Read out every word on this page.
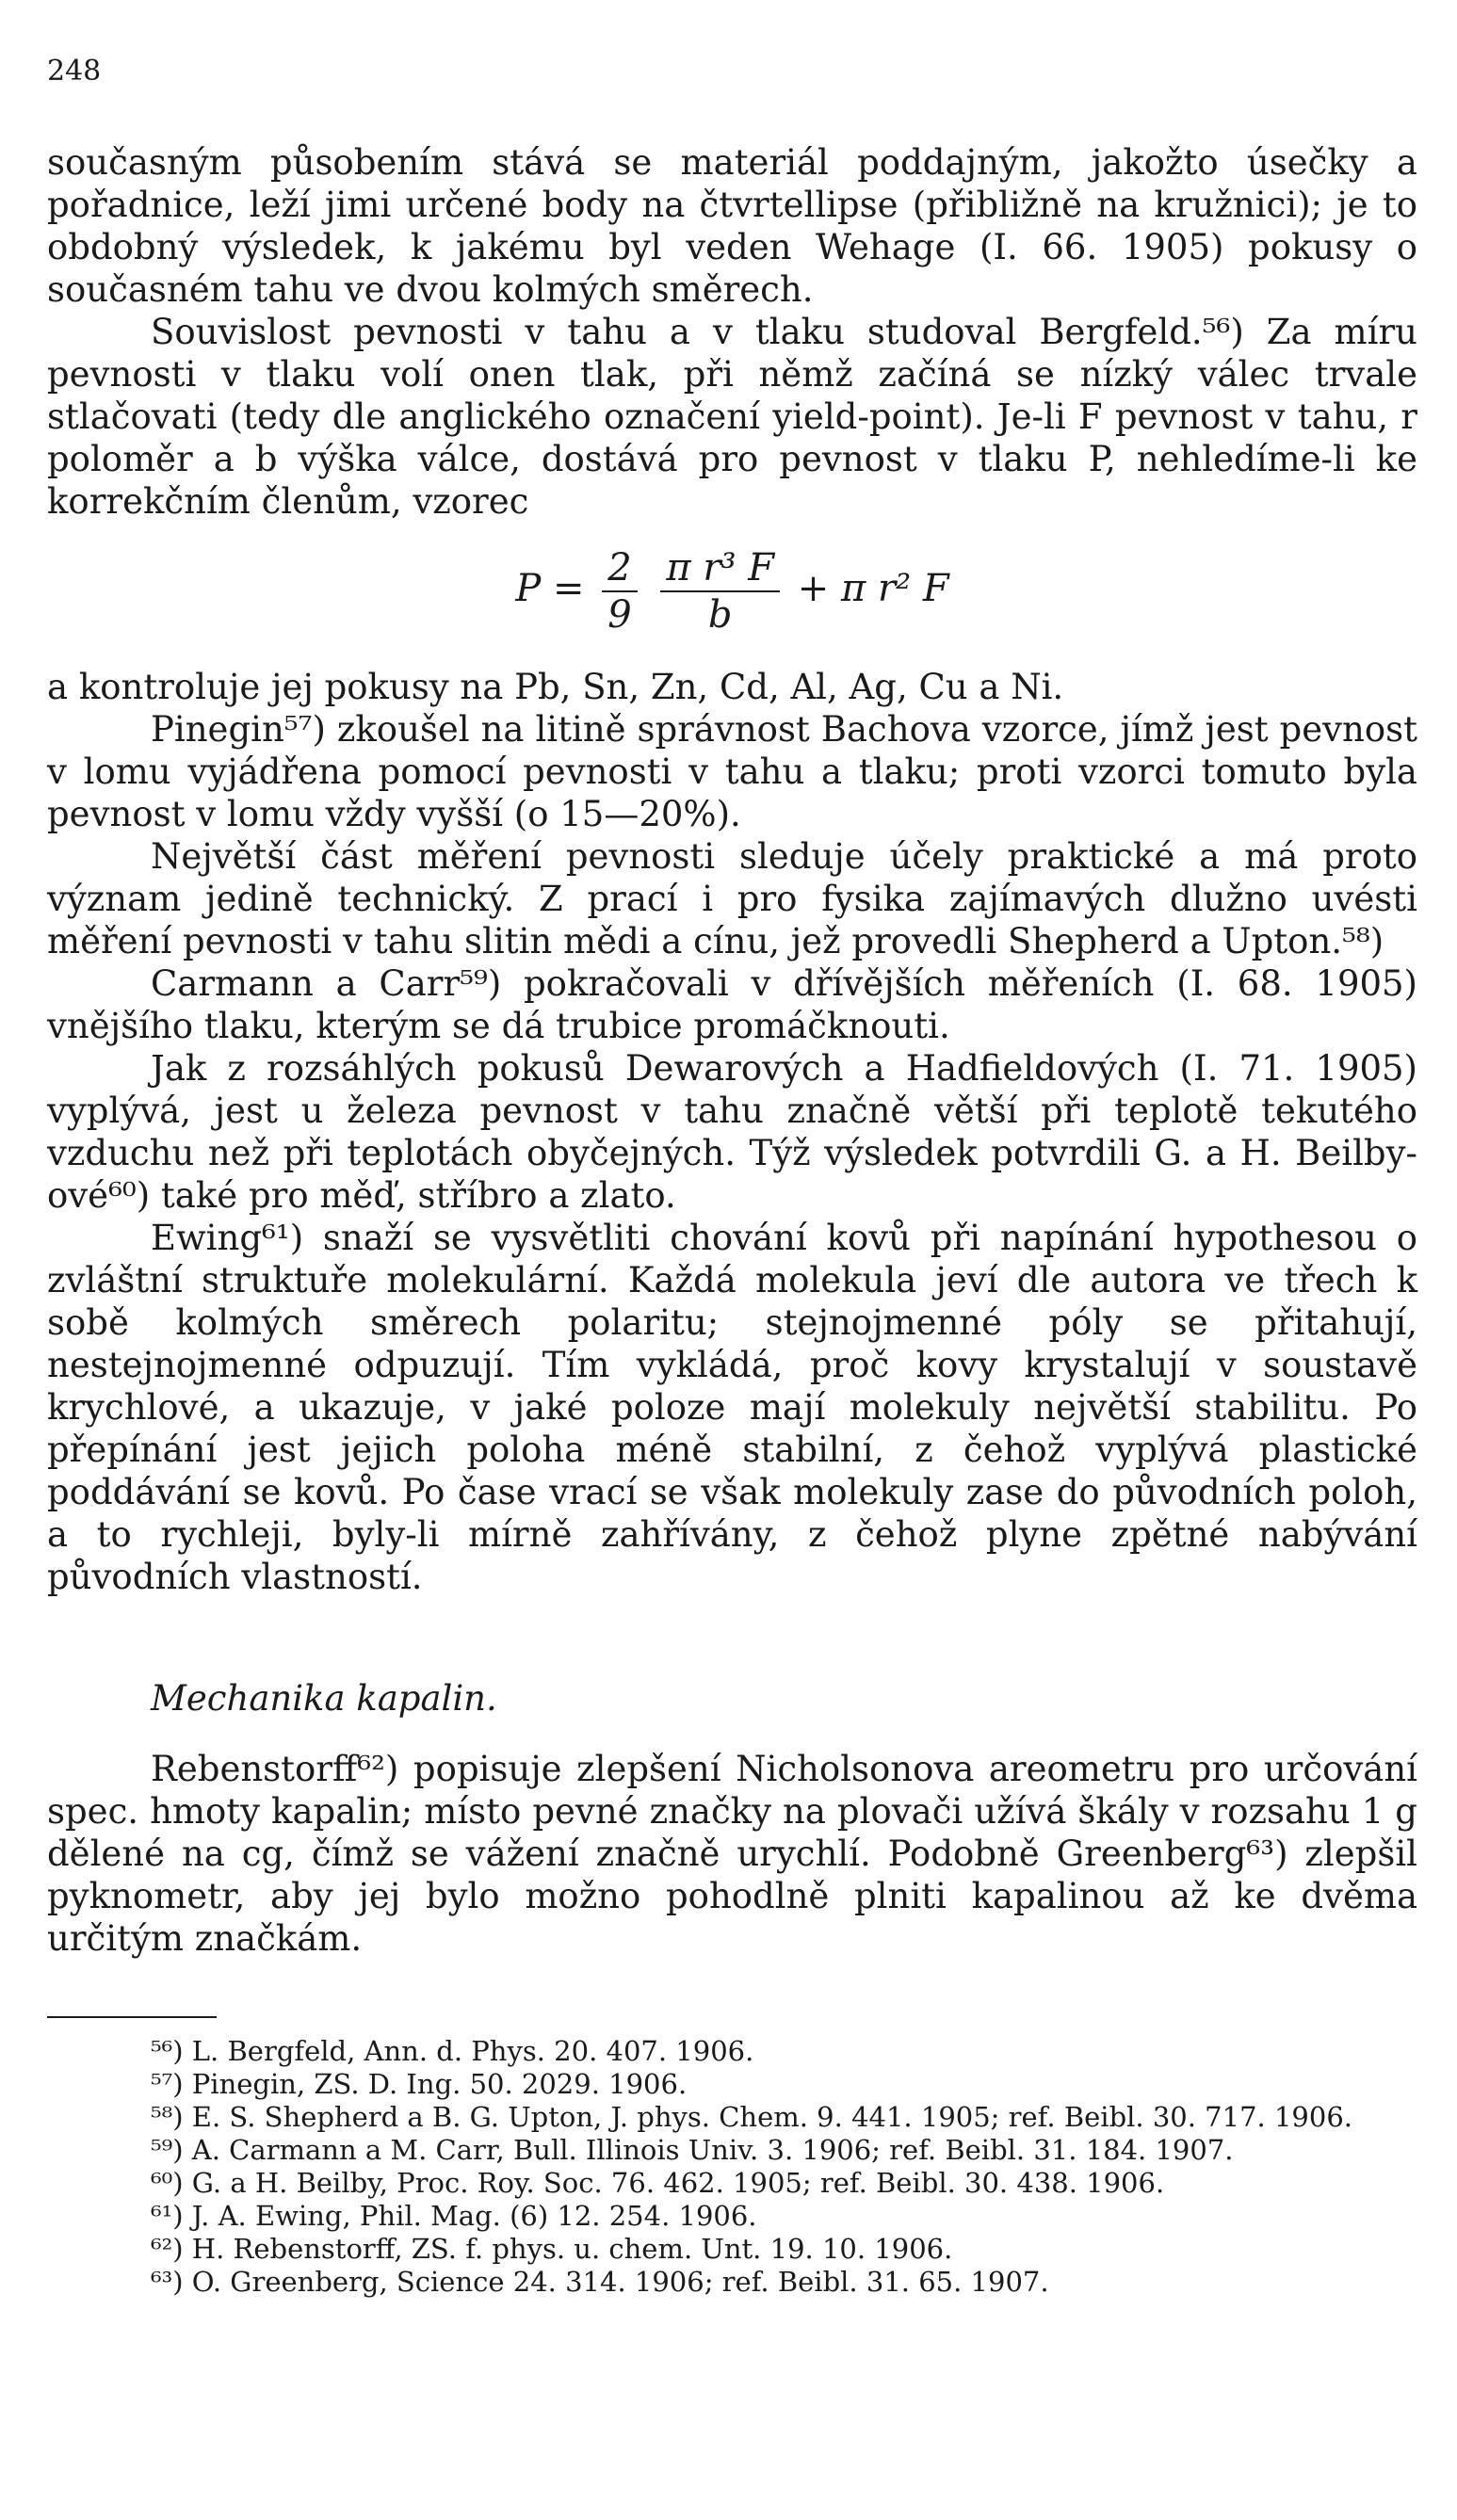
248

současným působením stává se materiál poddajným, jakožto úsečky a pořadnice, leží jimi určené body na čtvrtellipse (přibližně na kružnici); je to obdobný výsledek, k jakému byl veden Wehage (I. 66. 1905) pokusy o současném tahu ve dvou kolmých směrech.

Souvislost pevnosti v tahu a v tlaku studoval Bergfeld.⁵⁶) Za míru pevnosti v tlaku volí onen tlak, při němž začíná se nízký válec trvale stlačovati (tedy dle anglického označení yield-point). Je-li F pevnost v tahu, r poloměr a b výška válce, dostává pro pevnost v tlaku P, nehledíme-li ke korrekčním členům, vzorec

$P = \frac{2}{9}$
$\frac{\text{π r³ F}}{b} + \pi$ r² F

a kontroluje jej pokusy na Pb, Sn, Zn, Cd, Al, Ag, Cu a Ni.

Pinegin⁵⁷) zkoušel na litině správnost Bachova vzorce, jímž jest pevnost v lomu vyjádřena pomocí pevnosti v tahu a tlaku; proti vzorci tomuto byla pevnost v lomu vždy vyšší (o 15—20%).

Největší část měření pevnosti sleduje účely praktické a má proto význam jedině technický. Z prací i pro fysika zajímavých dlužno uvésti měření pevnosti v tahu slitin mědi a cínu, jež provedli Shepherd a Upton.⁵⁸)

Carmann a Carr⁵⁹) pokračovali v dřívějších měřeních (I. 68. 1905) vnějšího tlaku, kterým se dá trubice promáčknouti.

Jak z rozsáhlých pokusů Dewarových a Hadfieldových (I. 71. 1905) vyplývá, jest u železa pevnost v tahu značně větší při teplotě tekutého vzduchu než při teplotách obyčejných. Týž výsledek potvrdili G. a H. Beilby-ové⁶⁰) také pro měď, stříbro a zlato.

Ewing⁶¹) snaží se vysvětliti chování kovů při napínání hypothesou o zvláštní struktuře molekulární. Každá molekula jeví dle autora ve třech k sobě kolmých směrech polaritu; stejnojmenné póly se přitahují, nestejnojmenné odpuzují. Tím vykládá, proč kovy krystalují v soustavě krychlové, a ukazuje, v jaké poloze mají molekuly největší stabilitu. Po přepínání jest jejich poloha méně stabilní, z čehož vyplývá plastické poddávání se kovů. Po čase vrací se však molekuly zase do původních poloh, a to rychleji, byly-li mírně zahřívány, z čehož plyne zpětné nabývání původních vlastností.

Mechanika kapalin.

Rebenstorff⁶²) popisuje zlepšení Nicholsonova areometru pro určování spec. hmoty kapalin; místo pevné značky na plovači užívá škály v rozsahu 1 g dělené na cg, čímž se vážení značně urychlí. Podobně Greenberg⁶³) zlepšil pyknometr, aby jej bylo možno pohodlně plniti kapalinou až ke dvěma určitým značkám.

⁵⁶) L. Bergfeld, Ann. d. Phys. 20. 407. 1906.

⁵⁷) Pinegin, ZS. D. Ing. 50. 2029. 1906.

⁵⁸) E. S. Shepherd a B. G. Upton, J. phys. Chem. 9. 441. 1905; ref. Beibl. 30. 717. 1906.

⁵⁹) A. Carmann a M. Carr, Bull. Illinois Univ. 3. 1906; ref. Beibl. 31. 184. 1907.

⁶⁰) G. a H. Beilby, Proc. Roy. Soc. 76. 462. 1905; ref. Beibl. 30. 438. 1906.

⁶¹) J. A. Ewing, Phil. Mag. (6) 12. 254. 1906.

⁶²) H. Rebenstorff, ZS. f. phys. u. chem. Unt. 19. 10. 1906.

⁶³) O. Greenberg, Science 24. 314. 1906; ref. Beibl. 31. 65. 1907.
